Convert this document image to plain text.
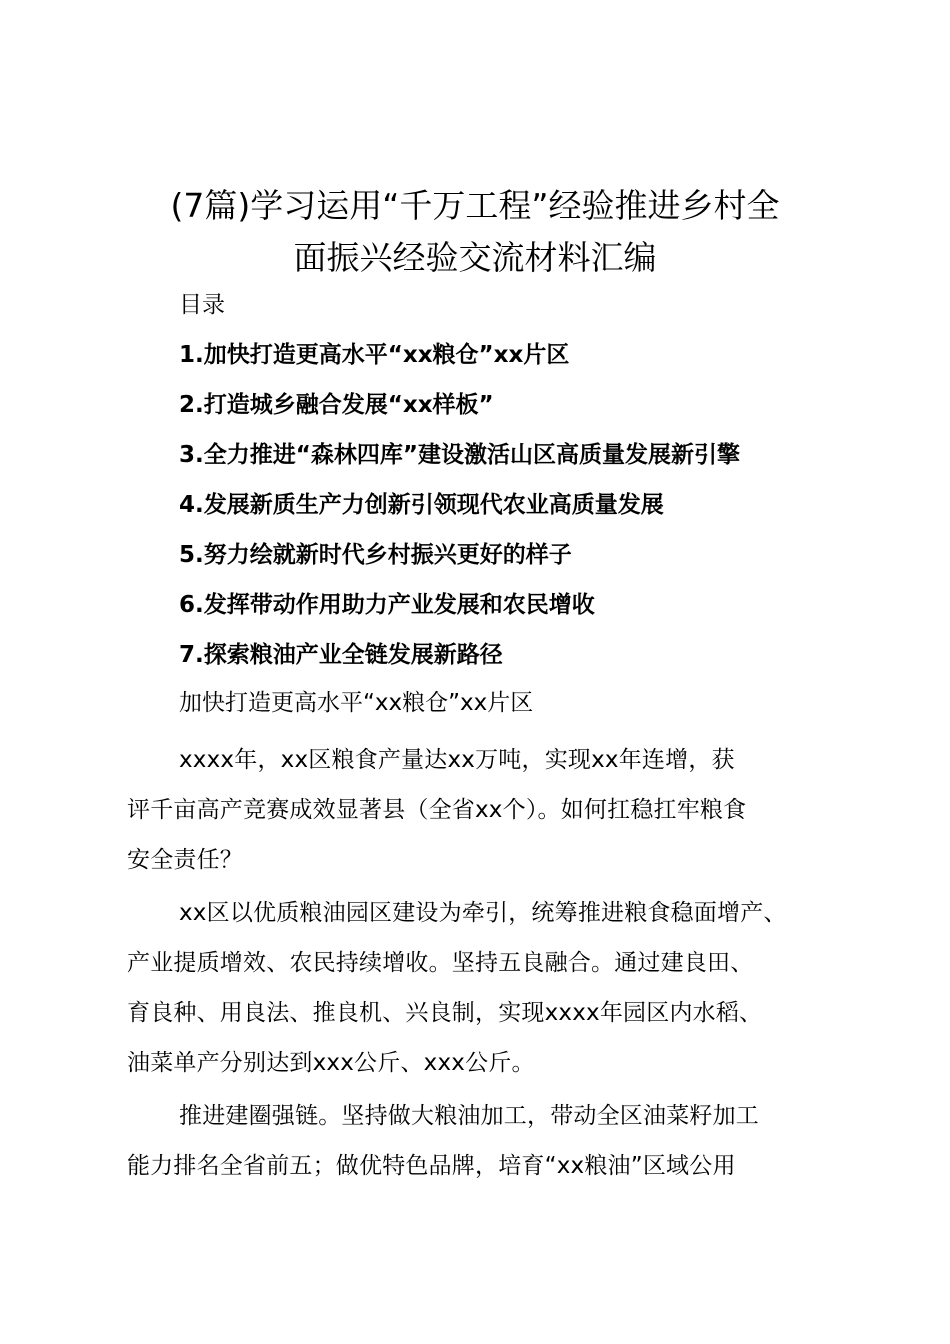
(7篇)学习运用“千万工程”经验推进乡村全
面振兴经验交流材料汇编
目录
1.加快打造更高水平“xx粮仓”xx片区
2.打造城乡融合发展“xx样板”
3.全力推进“森林四库”建设激活山区高质量发展新引擎
4.发展新质生产力创新引领现代农业高质量发展
5.努力绘就新时代乡村振兴更好的样子
6.发挥带动作用助力产业发展和农民增收
7.探索粮油产业全链发展新路径
加快打造更高水平“xx粮仓”xx片区

xxxx年，xx区粮食产量达xx万吨，实现xx年连增，获
评千亩高产竞赛成效显著县（全省xx个）。如何扛稳扛牢粮食
安全责任？

xx区以优质粮油园区建设为牵引，统筹推进粮食稳面增产、
产业提质增效、农民持续增收。坚持五良融合。通过建良田、
育良种、用良法、推良机、兴良制，实现xxxx年园区内水稻、
油菜单产分别达到xxx公斤、xxx公斤。

推进建圈强链。坚持做大粮油加工，带动全区油菜籽加工
能力排名全省前五；做优特色品牌，培育“xx粮油”区域公用
